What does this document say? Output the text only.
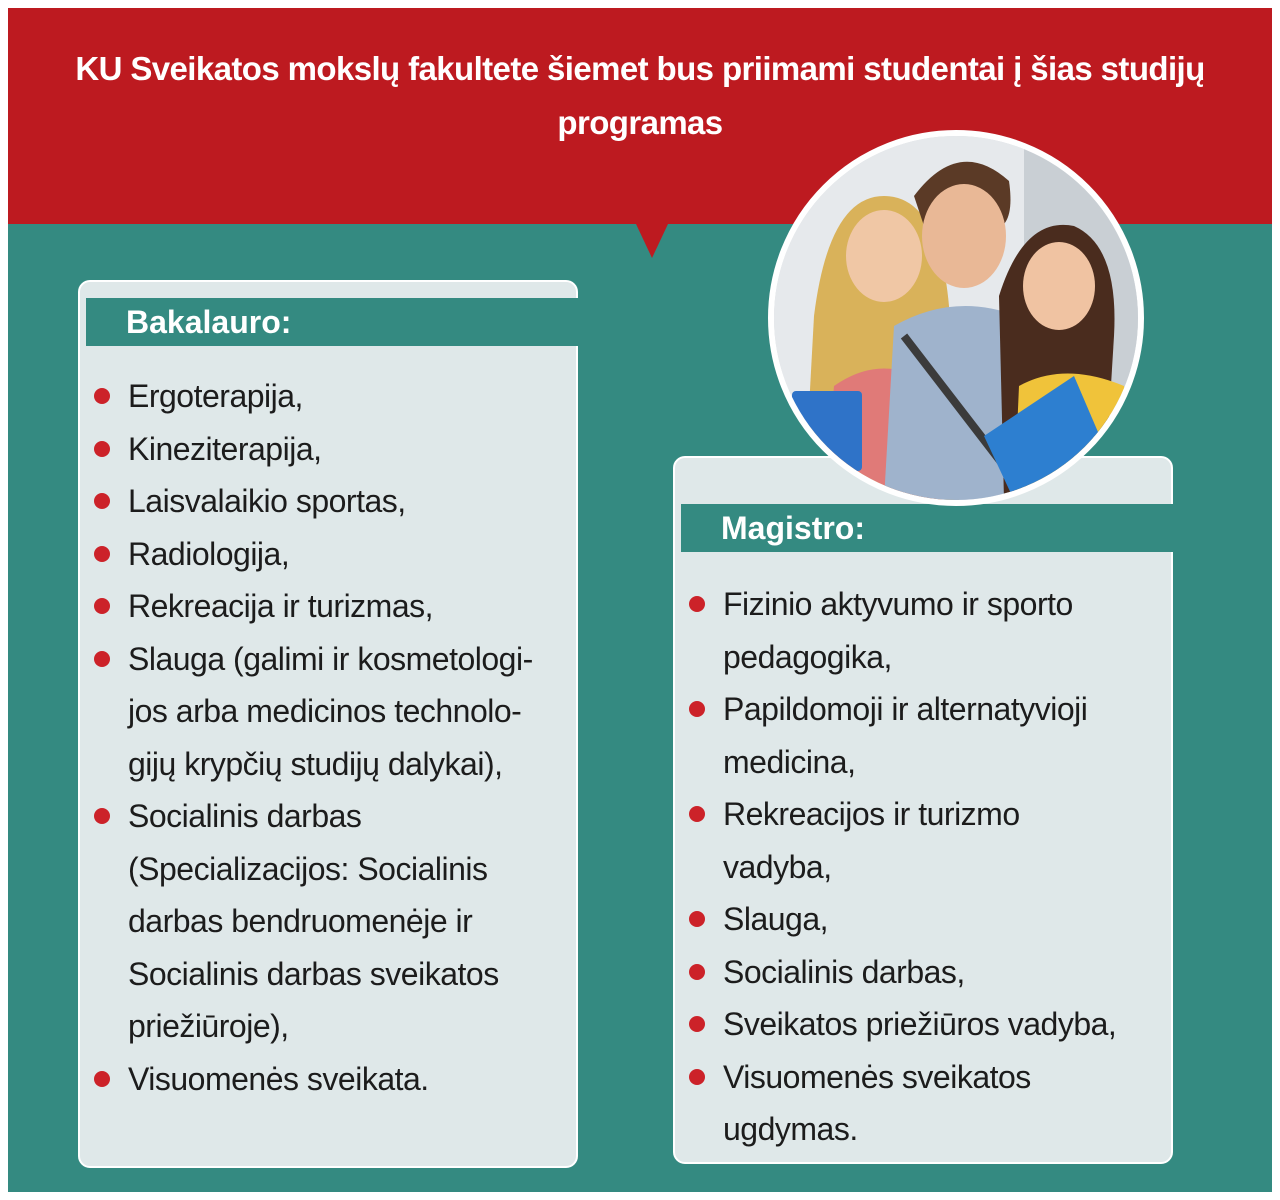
KU Sveikatos mokslų fakultete šiemet bus priimami studentai į šias studijų programas
Bakalauro:
Ergoterapija,
Kineziterapija,
Laisvalaikio sportas,
Radiologija,
Rekreacija ir turizmas,
Slauga (galimi ir kosmetologi-
jos arba medicinos technolo-
gijų krypčių studijų dalykai),
Socialinis darbas
(Specializacijos: Socialinis
darbas bendruomenėje ir
Socialinis darbas sveikatos
priežiūroje),
Visuomenės sveikata.
Magistro:
Fizinio aktyvumo ir sporto
pedagogika,
Papildomoji ir alternatyvioji
medicina,
Rekreacijos ir turizmo
vadyba,
Slauga,
Socialinis darbas,
Sveikatos priežiūros vadyba,
Visuomenės sveikatos
ugdymas.
